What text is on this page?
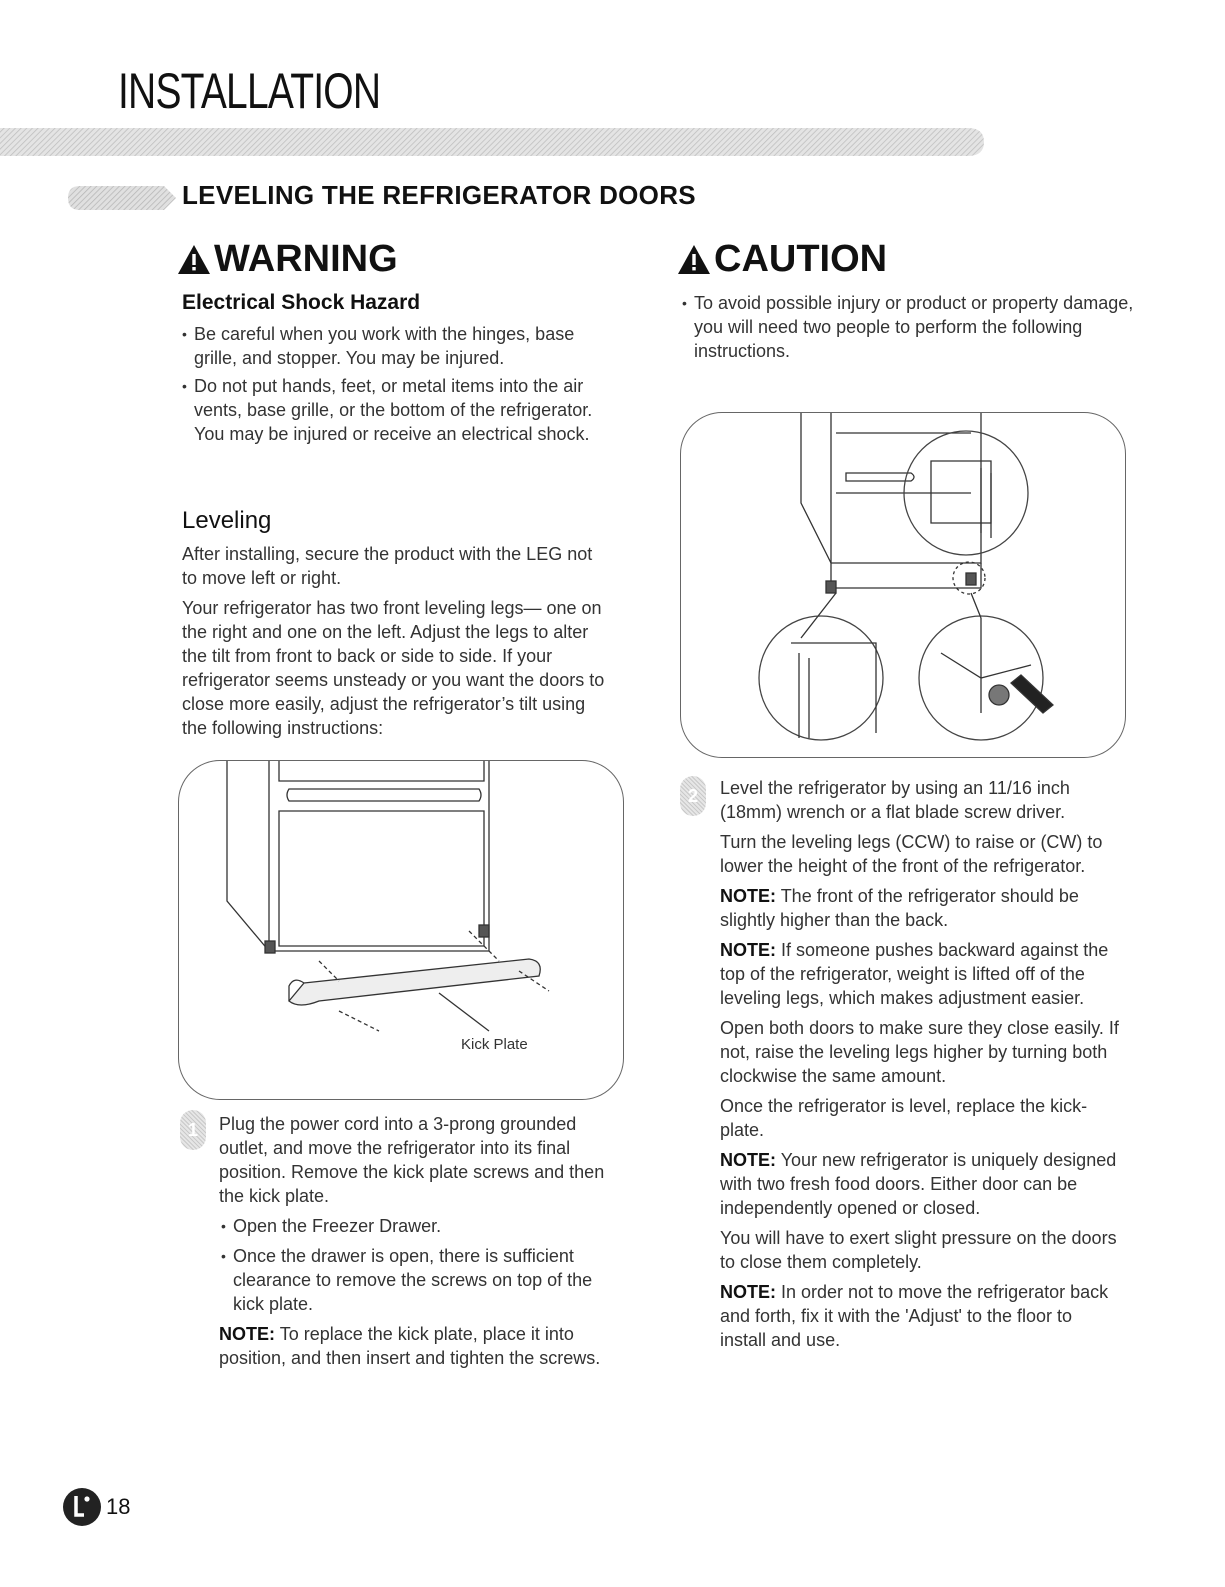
INSTALLATION
LEVELING THE REFRIGERATOR DOORS
WARNING
Electrical Shock Hazard
• Be careful when you work with the hinges, base grille, and stopper. You may be injured.
• Do not put hands, feet, or metal items into the air vents, base grille, or the bottom of the refrigerator. You may be injured or receive an electrical shock.
CAUTION
• To avoid possible injury or product or property damage, you will need two people to perform the following instructions.
Leveling
After installing, secure the product with the LEG not to move left or right.
Your refrigerator has two front leveling legs— one on the right and one on the left. Adjust the legs to alter the tilt from front to back or side to side. If your refrigerator seems unsteady or you want the doors to close more easily, adjust the refrigerator’s tilt using the following instructions:
2	Level the refrigerator by using an 11/16 inch (18mm) wrench or a flat blade screw driver.

Turn the leveling legs (CCW) to raise or (CW) to lower the height of the front of the refrigerator.

NOTE: The front of the refrigerator should be slightly higher than the back.

NOTE: If someone pushes backward against the top of the refrigerator, weight is lifted off of the leveling legs, which makes adjustment easier.

Open both doors to make sure they close easily. If not, raise the leveling legs higher by turning both clockwise the same amount.

Once the refrigerator is level, replace the kick-plate.

NOTE: Your new refrigerator is uniquely designed with two fresh food doors. Either door can be independently opened or closed.

You will have to exert slight pressure on the doors to close them completely.

NOTE: In order not to move the refrigerator back and forth, fix it with the 'Adjust' to the floor to install and use.

Kick Plate
1	Plug the power cord into a 3-prong grounded outlet, and move the refrigerator into its final position. Remove the kick plate screws and then the kick plate.

• Open the Freezer Drawer.
• Once the drawer is open, there is sufficient clearance to remove the screws on top of the kick plate.

NOTE: To replace the kick plate, place it into position, and then insert and tighten the screws.

18
